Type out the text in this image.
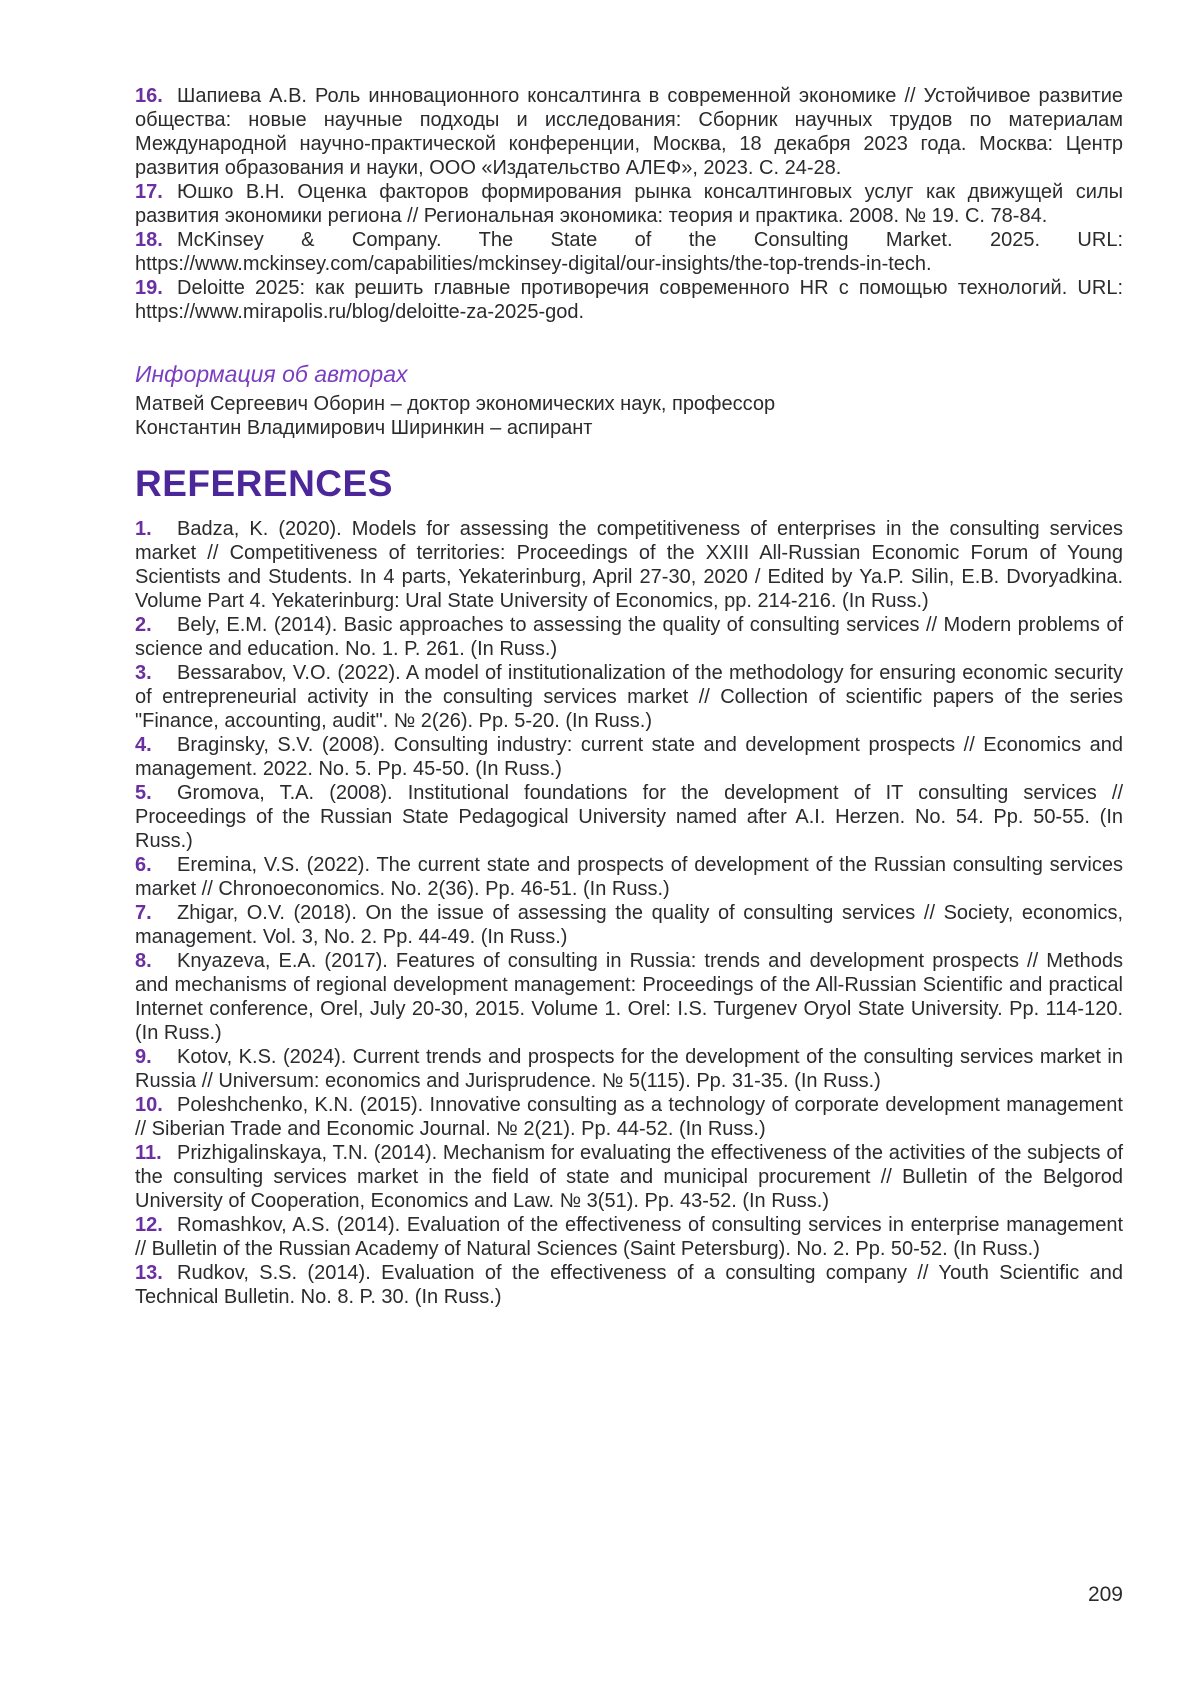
16. Шапиева А.В. Роль инновационного консалтинга в современной экономике // Устойчивое развитие общества: новые научные подходы и исследования: Сборник научных трудов по материалам Международной научно-практической конференции, Москва, 18 декабря 2023 года. Москва: Центр развития образования и науки, ООО «Издательство АЛЕФ», 2023. С. 24-28.

17. Юшко В.Н. Оценка факторов формирования рынка консалтинговых услуг как движущей силы развития экономики региона // Региональная экономика: теория и практика. 2008. № 19. С. 78-84.

18. McKinsey & Company. The State of the Consulting Market. 2025. URL: https://www.mckinsey.com/capabilities/mckinsey-digital/our-insights/the-top-trends-in-tech.

19. Deloitte 2025: как решить главные противоречия современного HR с помощью технологий. URL: https://www.mirapolis.ru/blog/deloitte-za-2025-god.

Информация об авторах

Матвей Сергеевич Оборин – доктор экономических наук, профессор

Константин Владимирович Ширинкин – аспирант

REFERENCES

1. Badza, K. (2020). Models for assessing the competitiveness of enterprises in the consulting services market // Competitiveness of territories: Proceedings of the XXIII All-Russian Economic Forum of Young Scientists and Students. In 4 parts, Yekaterinburg, April 27-30, 2020 / Edited by Ya.P. Silin, E.B. Dvoryadkina. Volume Part 4. Yekaterinburg: Ural State University of Economics, pp. 214-216. (In Russ.)

2. Bely, E.M. (2014). Basic approaches to assessing the quality of consulting services // Modern problems of science and education. No. 1. P. 261. (In Russ.)

3. Bessarabov, V.O. (2022). A model of institutionalization of the methodology for ensuring economic security of entrepreneurial activity in the consulting services market // Collection of scientific papers of the series "Finance, accounting, audit". № 2(26). Pp. 5-20. (In Russ.)

4. Braginsky, S.V. (2008). Consulting industry: current state and development prospects // Economics and management. 2022. No. 5. Pp. 45-50. (In Russ.)

5. Gromova, T.A. (2008). Institutional foundations for the development of IT consulting services // Proceedings of the Russian State Pedagogical University named after A.I. Herzen. No. 54. Pp. 50-55. (In Russ.)

6. Eremina, V.S. (2022). The current state and prospects of development of the Russian consulting services market // Chronoeconomics. No. 2(36). Pp. 46-51. (In Russ.)

7. Zhigar, O.V. (2018). On the issue of assessing the quality of consulting services // Society, economics, management. Vol. 3, No. 2. Pp. 44-49. (In Russ.)

8. Knyazeva, E.A. (2017). Features of consulting in Russia: trends and development prospects // Methods and mechanisms of regional development management: Proceedings of the All-Russian Scientific and practical Internet conference, Orel, July 20-30, 2015. Volume 1. Orel: I.S. Turgenev Oryol State University. Pp. 114-120. (In Russ.)

9. Kotov, K.S. (2024). Current trends and prospects for the development of the consulting services market in Russia // Universum: economics and Jurisprudence. № 5(115). Pp. 31-35. (In Russ.)

10. Poleshchenko, K.N. (2015). Innovative consulting as a technology of corporate development management // Siberian Trade and Economic Journal. № 2(21). Pp. 44-52. (In Russ.)

11. Prizhigalinskaya, T.N. (2014). Mechanism for evaluating the effectiveness of the activities of the subjects of the consulting services market in the field of state and municipal procurement // Bulletin of the Belgorod University of Cooperation, Economics and Law. № 3(51). Pp. 43-52. (In Russ.)

12. Romashkov, A.S. (2014). Evaluation of the effectiveness of consulting services in enterprise management // Bulletin of the Russian Academy of Natural Sciences (Saint Petersburg). No. 2. Pp. 50-52. (In Russ.)

13. Rudkov, S.S. (2014). Evaluation of the effectiveness of a consulting company // Youth Scientific and Technical Bulletin. No. 8. P. 30. (In Russ.)

209
